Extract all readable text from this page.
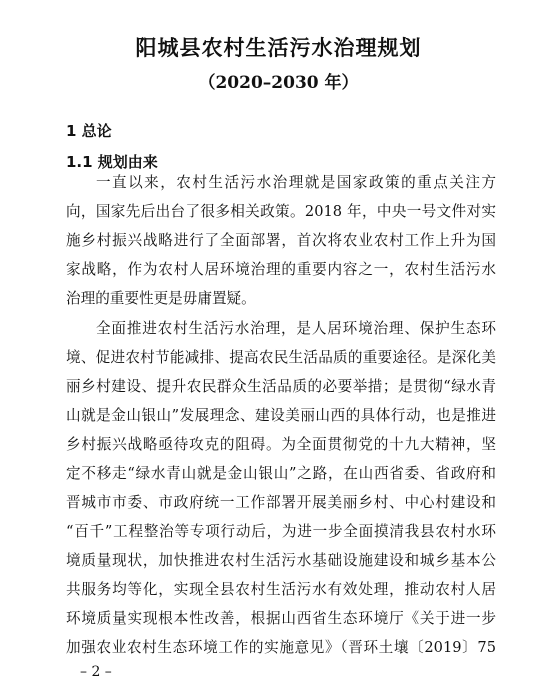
阳城县农村生活污水治理规划
（2020–2030 年）
1 总论
1.1 规划由来
一直以来，农村生活污水治理就是国家政策的重点关注方
向，国家先后出台了很多相关政策。2018 年，中央一号文件对实
施乡村振兴战略进行了全面部署，首次将农业农村工作上升为国
家战略，作为农村人居环境治理的重要内容之一，农村生活污水
治理的重要性更是毋庸置疑。
全面推进农村生活污水治理，是人居环境治理、保护生态环
境、促进农村节能减排、提高农民生活品质的重要途径。是深化美
丽乡村建设、提升农民群众生活品质的必要举措；是贯彻“绿水青
山就是金山银山”发展理念、建设美丽山西的具体行动，也是推进
乡村振兴战略亟待攻克的阻碍。为全面贯彻党的十九大精神，坚
定不移走“绿水青山就是金山银山”之路，在山西省委、省政府和
晋城市市委、市政府统一工作部署开展美丽乡村、中心村建设和
“百千”工程整治等专项行动后，为进一步全面摸清我县农村水环
境质量现状，加快推进农村生活污水基础设施建设和城乡基本公
共服务均等化，实现全县农村生活污水有效处理，推动农村人居
环境质量实现根本性改善，根据山西省生态环境厅《关于进一步
加强农业农村生态环境工作的实施意见》（晋环土壤〔2019〕75
– 2 –
